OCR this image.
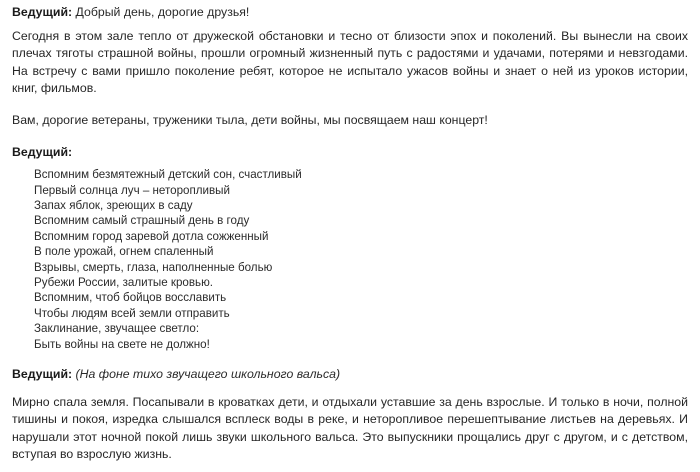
Ведущий: Добрый день, дорогие друзья!

Сегодня в этом зале тепло от дружеской обстановки и тесно от близости эпох и поколений. Вы вынесли на своих плечах тяготы страшной войны, прошли огромный жизненный путь с радостями и удачами, потерями и невзгодами. На встречу с вами пришло поколение ребят, которое не испытало ужасов войны и знает о ней из уроков истории, книг, фильмов.

Вам, дорогие ветераны, труженики тыла, дети войны, мы посвящаем наш концерт!

Ведущий:

Вспомним безмятежный детский сон, счастливый
Первый солнца луч – неторопливый
Запах яблок, зреющих в саду
Вспомним самый страшный день в году
Вспомним город заревой дотла сожженный
В поле урожай, огнем спаленный
Взрывы, смерть, глаза, наполненные болью
Рубежи России, залитые кровью.
Вспомним, чтоб бойцов восславить
Чтобы людям всей земли отправить
Заклинание, звучащее светло:
Быть войны на свете не должно!

Ведущий: (На фоне тихо звучащего школьного вальса)

Мирно спала земля. Посапывали в кроватках дети, и отдыхали уставшие за день взрослые. И только в ночи, полной тишины и покоя, изредка слышался всплеск воды в реке, и неторопливое перешептывание листьев на деревьях. И нарушали этот ночной покой лишь звуки школьного вальса. Это выпускники прощались друг с другом, и с детством, вступая во взрослую жизнь.
